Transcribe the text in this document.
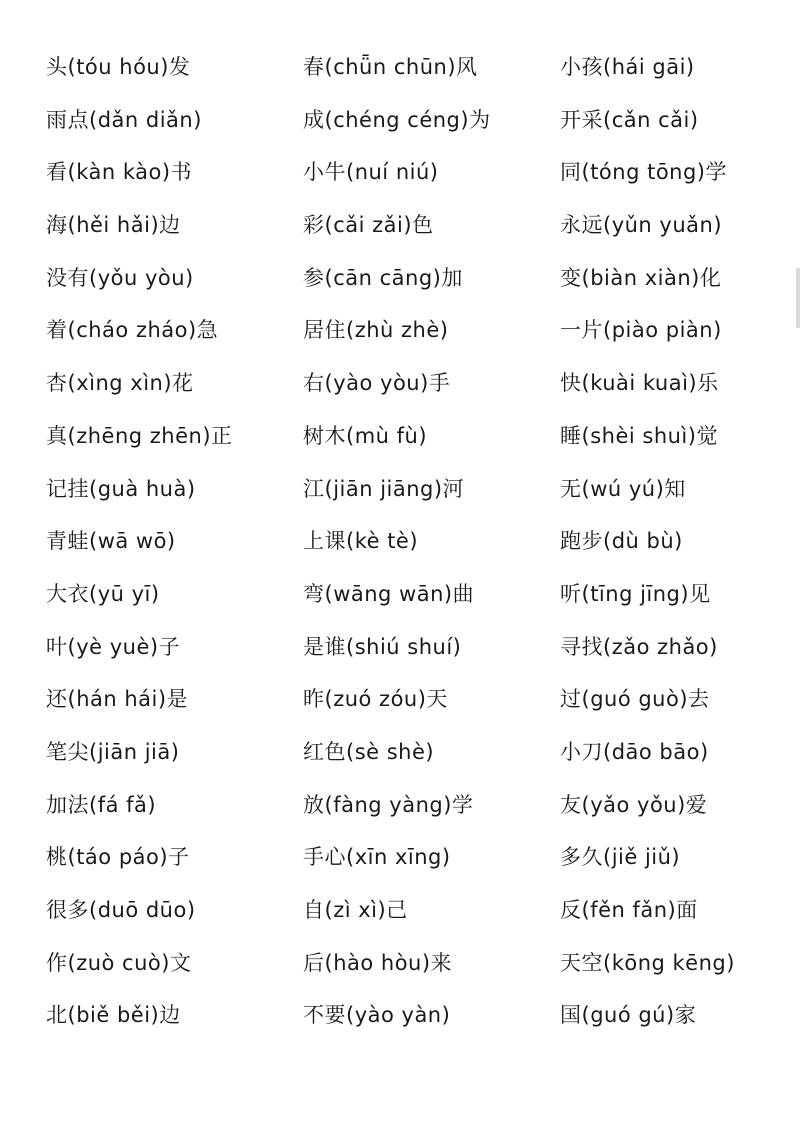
头(tóu hóu)发
雨点(dǎn diǎn)
看(kàn kào)书
海(hěi hǎi)边
没有(yǒu yòu)
着(cháo zháo)急
杏(xìng xìn)花
真(zhēng zhēn)正
记挂(guà huà)
青蛙(wā wō)
大衣(yū yī)
叶(yè yuè)子
还(hán hái)是
笔尖(jiān jiā)
加法(fá fǎ)
桃(táo páo)子
很多(duō dūo)
作(zuò cuò)文
北(biě běi)边
春(chǖn chūn)风
成(chéng céng)为
小牛(nuí niú)
彩(cǎi zǎi)色
参(cān cāng)加
居住(zhù zhè)
右(yào yòu)手
树木(mù fù)
江(jiān jiāng)河
上课(kè tè)
弯(wāng wān)曲
是谁(shiú shuí)
昨(zuó zóu)天
红色(sè shè)
放(fàng yàng)学
手心(xīn xīng)
自(zì xì)己
后(hào hòu)来
不要(yào yàn)
小孩(hái gāi)
开采(cǎn cǎi)
同(tóng tōng)学
永远(yǔn yuǎn)
变(biàn xiàn)化
一片(piào piàn)
快(kuài kuaì)乐
睡(shèi shuì)觉
无(wú yú)知
跑步(dù bù)
听(tīng jīng)见
寻找(zǎo zhǎo)
过(guó guò)去
小刀(dāo bāo)
友(yǎo yǒu)爱
多久(jiě jiǔ)
反(fěn fǎn)面
天空(kōng kēng)
国(guó gú)家
